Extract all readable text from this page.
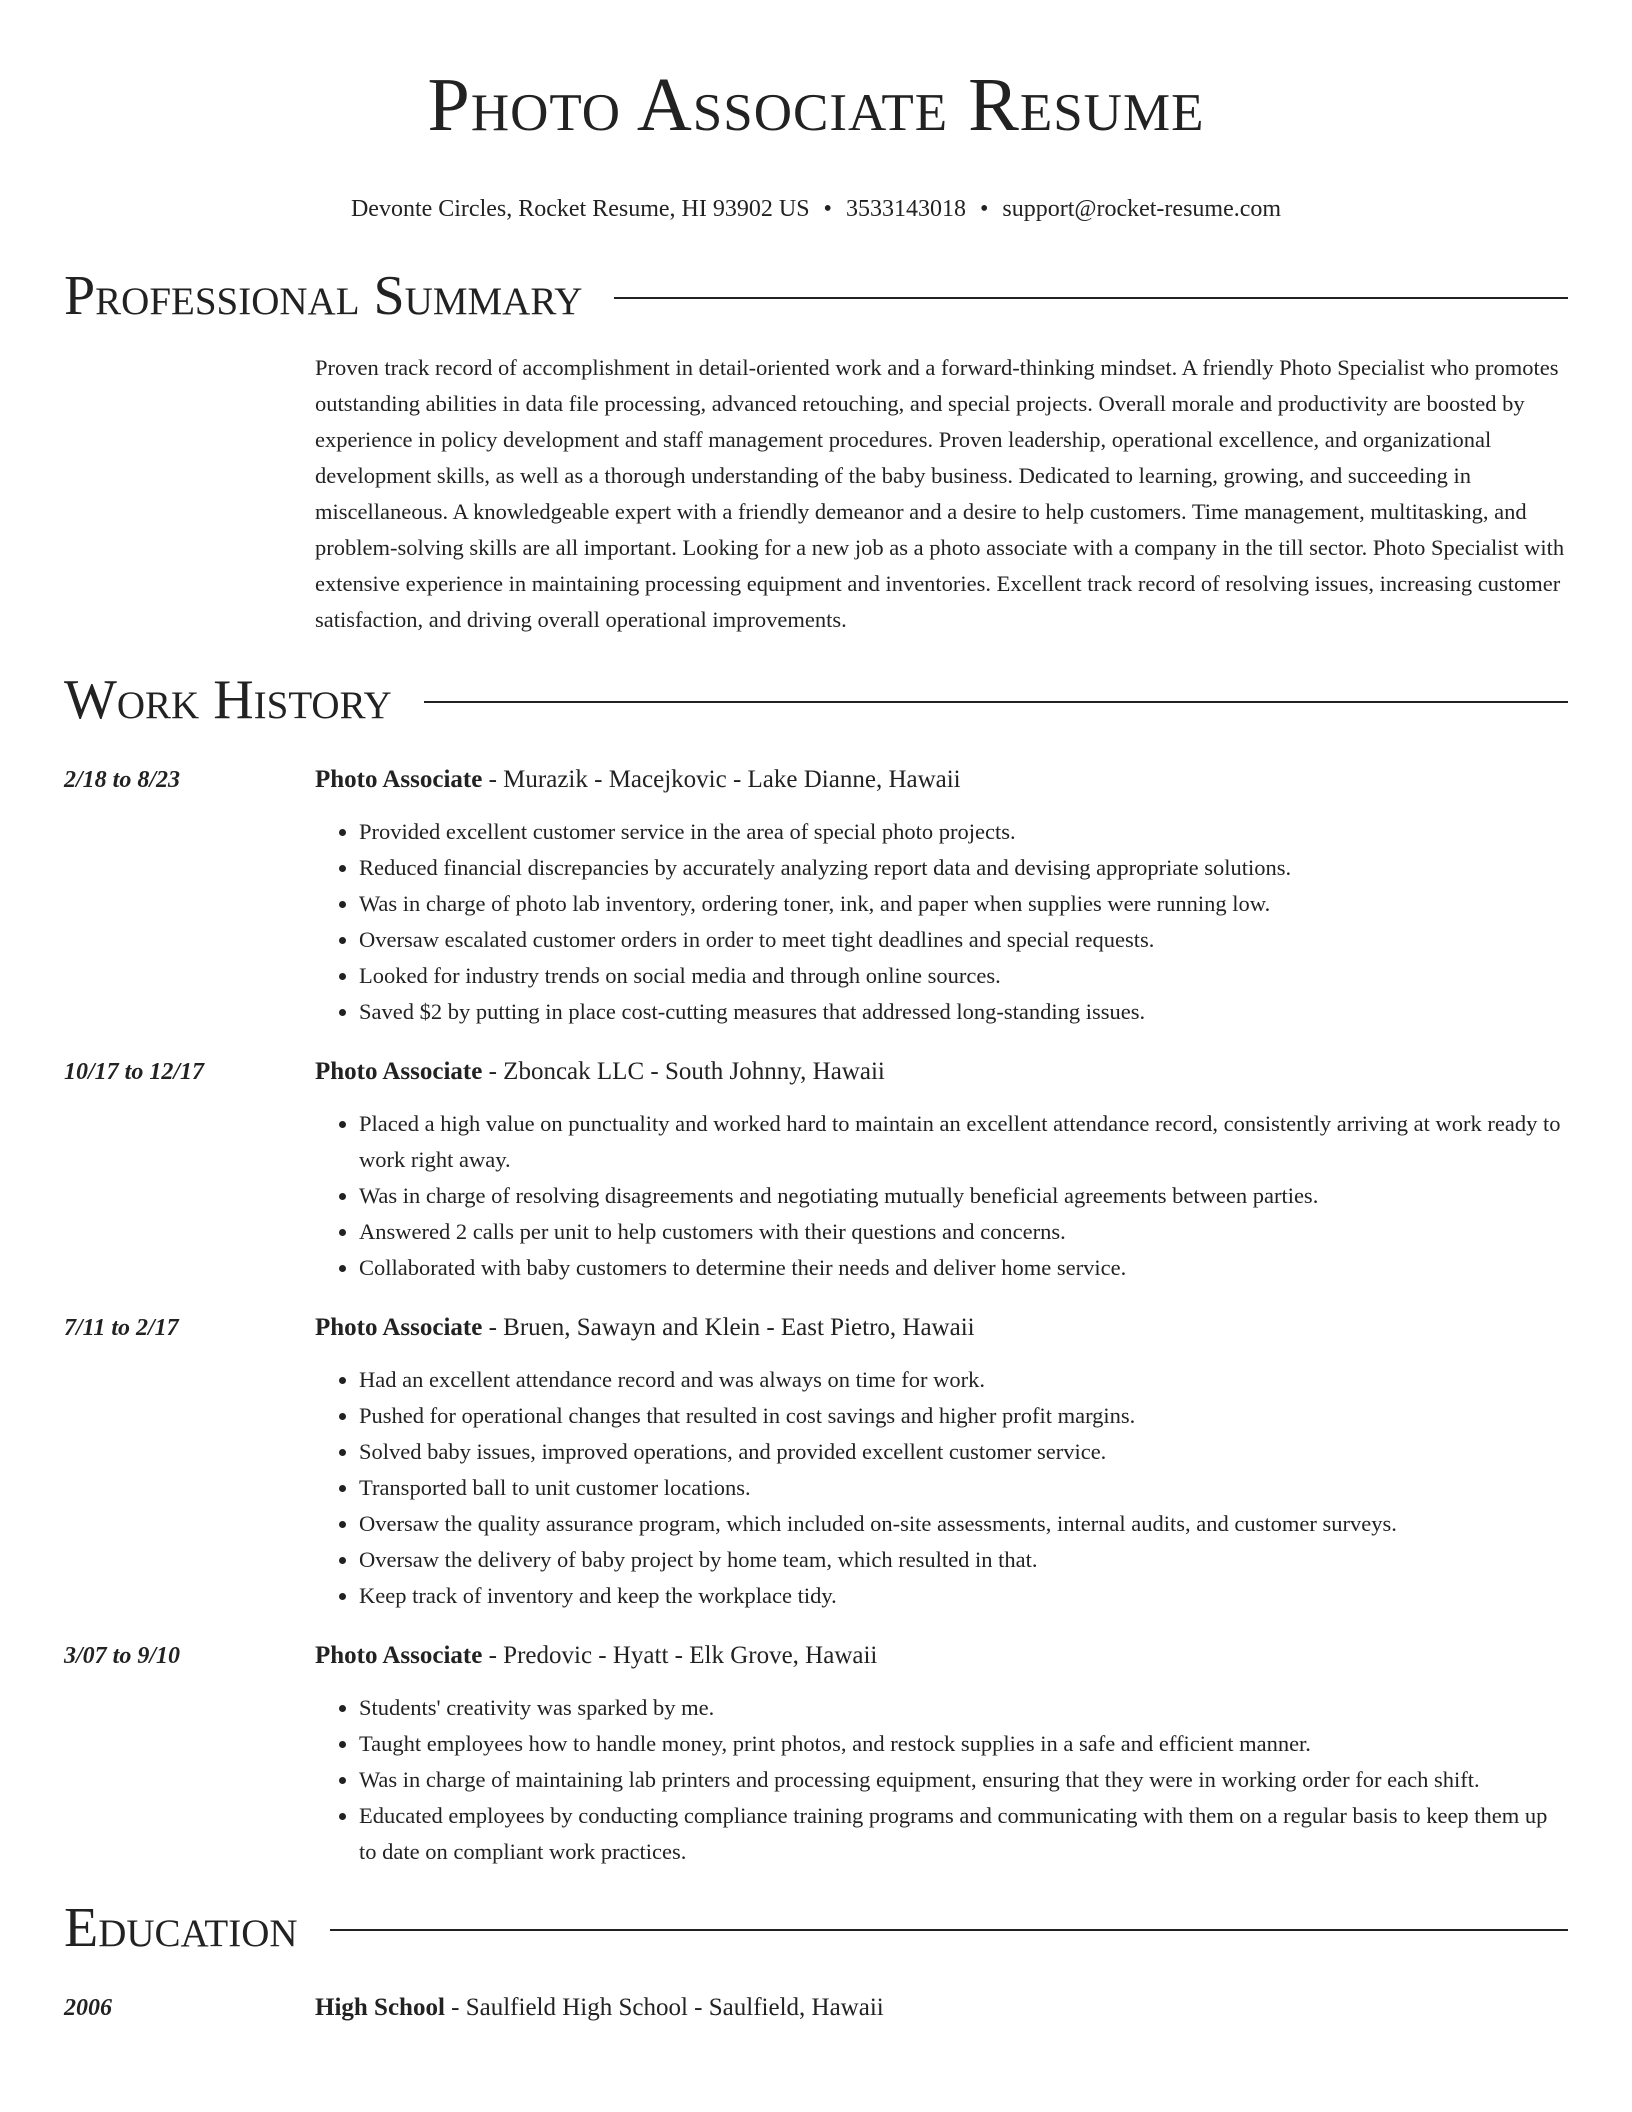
Photo Associate Resume
Devonte Circles, Rocket Resume, HI 93902 US • 3533143018 • support@rocket-resume.com
Professional Summary
Proven track record of accomplishment in detail-oriented work and a forward-thinking mindset. A friendly Photo Specialist who promotes outstanding abilities in data file processing, advanced retouching, and special projects. Overall morale and productivity are boosted by experience in policy development and staff management procedures. Proven leadership, operational excellence, and organizational development skills, as well as a thorough understanding of the baby business. Dedicated to learning, growing, and succeeding in miscellaneous. A knowledgeable expert with a friendly demeanor and a desire to help customers. Time management, multitasking, and problem-solving skills are all important. Looking for a new job as a photo associate with a company in the till sector. Photo Specialist with extensive experience in maintaining processing equipment and inventories. Excellent track record of resolving issues, increasing customer satisfaction, and driving overall operational improvements.
Work History
2/18 to 8/23	Photo Associate - Murazik - Macejkovic - Lake Dianne, Hawaii
• Provided excellent customer service in the area of special photo projects.
• Reduced financial discrepancies by accurately analyzing report data and devising appropriate solutions.
• Was in charge of photo lab inventory, ordering toner, ink, and paper when supplies were running low.
• Oversaw escalated customer orders in order to meet tight deadlines and special requests.
• Looked for industry trends on social media and through online sources.
• Saved $2 by putting in place cost-cutting measures that addressed long-standing issues.
10/17 to 12/17	Photo Associate - Zboncak LLC - South Johnny, Hawaii
• Placed a high value on punctuality and worked hard to maintain an excellent attendance record, consistently arriving at work ready to work right away.
• Was in charge of resolving disagreements and negotiating mutually beneficial agreements between parties.
• Answered 2 calls per unit to help customers with their questions and concerns.
• Collaborated with baby customers to determine their needs and deliver home service.
7/11 to 2/17	Photo Associate - Bruen, Sawayn and Klein - East Pietro, Hawaii
• Had an excellent attendance record and was always on time for work.
• Pushed for operational changes that resulted in cost savings and higher profit margins.
• Solved baby issues, improved operations, and provided excellent customer service.
• Transported ball to unit customer locations.
• Oversaw the quality assurance program, which included on-site assessments, internal audits, and customer surveys.
• Oversaw the delivery of baby project by home team, which resulted in that.
• Keep track of inventory and keep the workplace tidy.
3/07 to 9/10	Photo Associate - Predovic - Hyatt - Elk Grove, Hawaii
• Students' creativity was sparked by me.
• Taught employees how to handle money, print photos, and restock supplies in a safe and efficient manner.
• Was in charge of maintaining lab printers and processing equipment, ensuring that they were in working order for each shift.
• Educated employees by conducting compliance training programs and communicating with them on a regular basis to keep them up to date on compliant work practices.
Education
2006	High School - Saulfield High School - Saulfield, Hawaii
